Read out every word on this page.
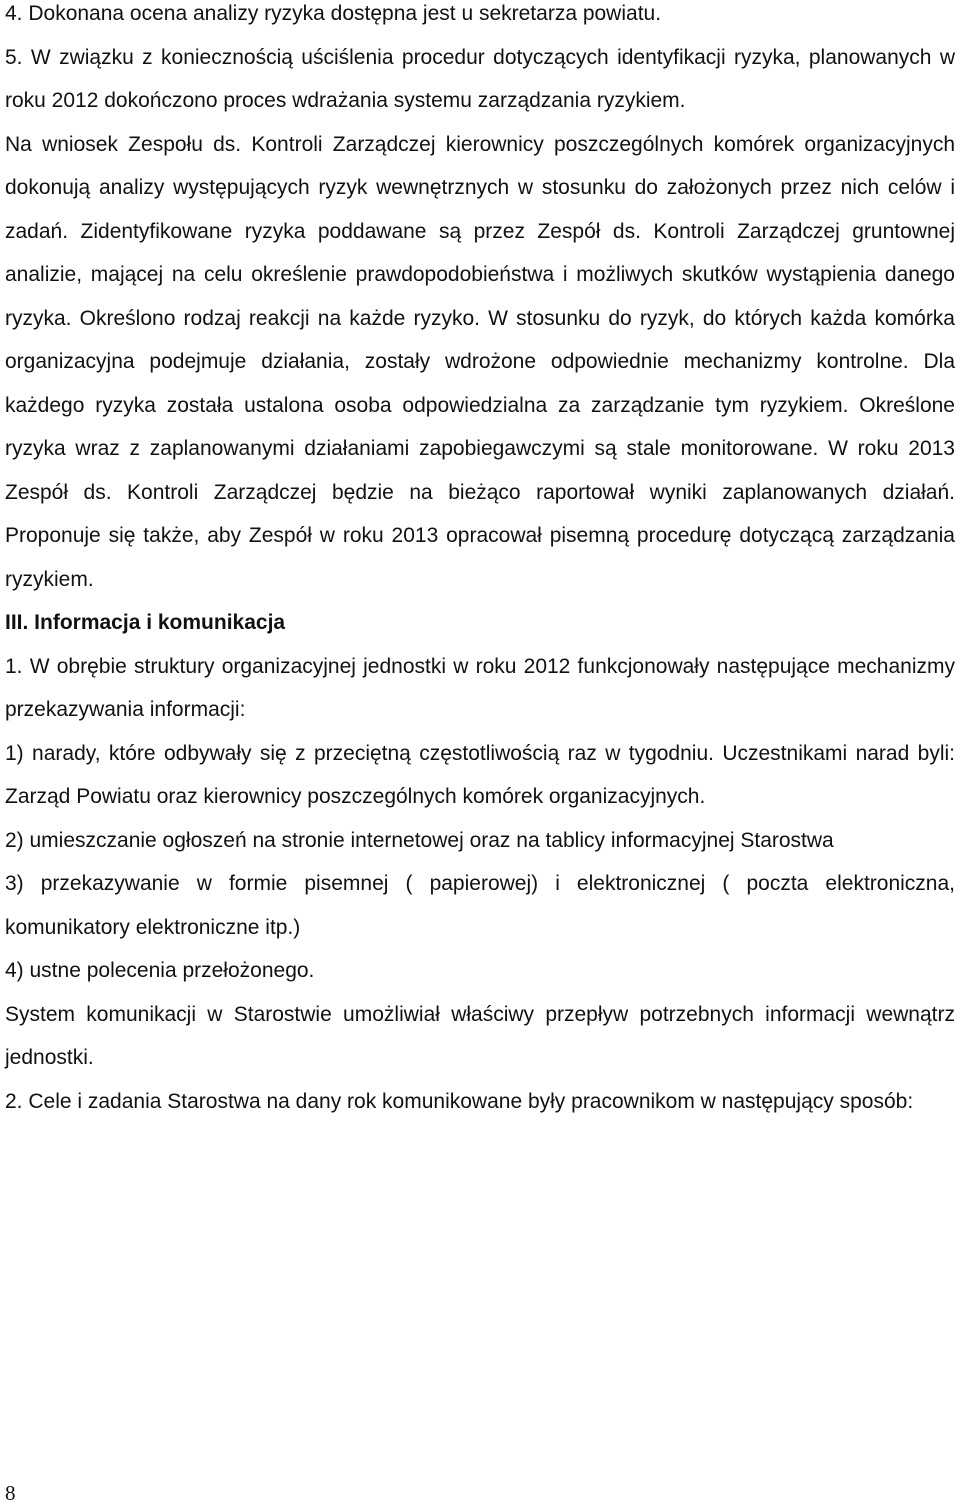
4. Dokonana ocena analizy ryzyka dostępna jest u sekretarza powiatu.

5. W związku z koniecznością uściślenia procedur dotyczących identyfikacji ryzyka, planowanych w roku 2012 dokończono proces wdrażania systemu zarządzania ryzykiem.

Na wniosek Zespołu ds. Kontroli Zarządczej kierownicy poszczególnych komórek organizacyjnych dokonują analizy występujących ryzyk wewnętrznych w stosunku do założonych przez nich celów i zadań. Zidentyfikowane ryzyka poddawane są przez Zespół ds. Kontroli Zarządczej gruntownej analizie, mającej na celu określenie prawdopodobieństwa i możliwych skutków wystąpienia danego ryzyka. Określono rodzaj reakcji na każde ryzyko. W stosunku do ryzyk, do których każda komórka organizacyjna podejmuje działania, zostały wdrożone odpowiednie mechanizmy kontrolne. Dla każdego ryzyka została ustalona osoba odpowiedzialna za zarządzanie tym ryzykiem. Określone ryzyka wraz z zaplanowanymi działaniami zapobiegawczymi są stale monitorowane. W roku 2013 Zespół ds. Kontroli Zarządczej będzie na bieżąco raportował wyniki zaplanowanych działań. Proponuje się także, aby Zespół w roku 2013 opracował pisemną procedurę dotyczącą zarządzania ryzykiem.

III. Informacja i komunikacja

1. W obrębie struktury organizacyjnej jednostki w roku 2012 funkcjonowały następujące mechanizmy przekazywania informacji:

1) narady, które odbywały się z przeciętną częstotliwością raz w tygodniu. Uczestnikami narad byli: Zarząd Powiatu oraz kierownicy poszczególnych komórek organizacyjnych.

2) umieszczanie ogłoszeń na stronie internetowej oraz na tablicy informacyjnej Starostwa

3) przekazywanie w formie pisemnej ( papierowej) i elektronicznej ( poczta elektroniczna, komunikatory elektroniczne itp.)

4) ustne polecenia przełożonego.

System komunikacji w Starostwie umożliwiał właściwy przepływ potrzebnych informacji wewnątrz jednostki.

2. Cele i zadania Starostwa na dany rok komunikowane były pracownikom w następujący sposób:

8
